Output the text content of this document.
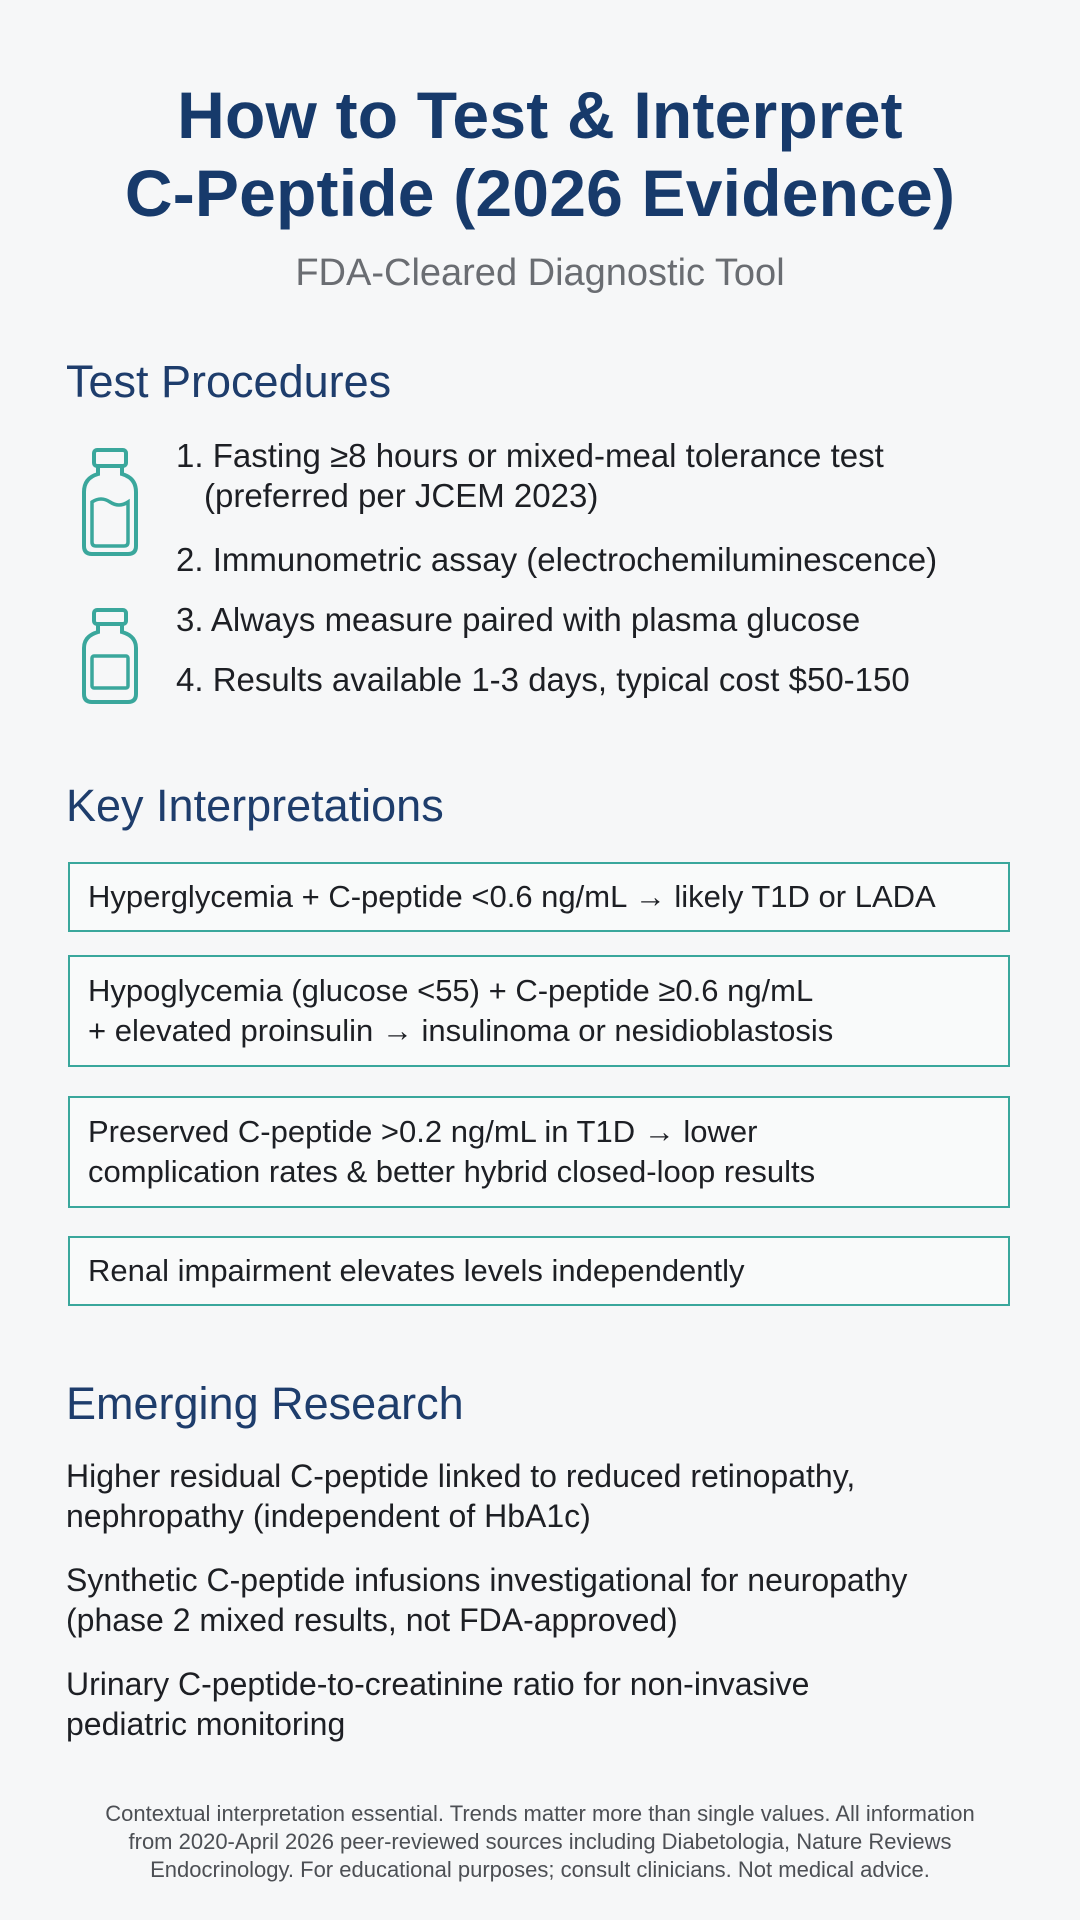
How to Test & Interpret
C-Peptide (2026 Evidence)
FDA-Cleared Diagnostic Tool
Test Procedures
1. Fasting ≥8 hours or mixed-meal tolerance test
(preferred per JCEM 2023)
2. Immunometric assay (electrochemiluminescence)
3. Always measure paired with plasma glucose
4. Results available 1-3 days, typical cost $50-150
Key Interpretations
Hyperglycemia + C-peptide <0.6 ng/mL → likely T1D or LADA
Hypoglycemia (glucose <55) + C-peptide ≥0.6 ng/mL
+ elevated proinsulin → insulinoma or nesidioblastosis
Preserved C-peptide >0.2 ng/mL in T1D → lower
complication rates & better hybrid closed-loop results
Renal impairment elevates levels independently
Emerging Research
Higher residual C-peptide linked to reduced retinopathy,
nephropathy (independent of HbA1c)
Synthetic C-peptide infusions investigational for neuropathy
(phase 2 mixed results, not FDA-approved)
Urinary C-peptide-to-creatinine ratio for non-invasive
pediatric monitoring
Contextual interpretation essential. Trends matter more than single values. All information
from 2020-April 2026 peer-reviewed sources including Diabetologia, Nature Reviews
Endocrinology. For educational purposes; consult clinicians. Not medical advice.
